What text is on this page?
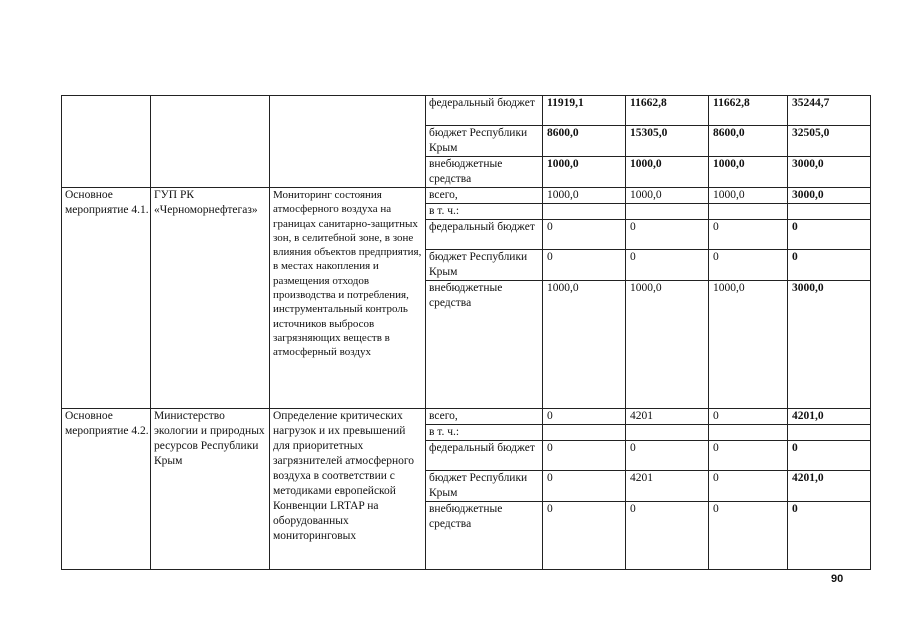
			федеральный бюджет	11919,1	11662,8	11662,8	35244,7
			бюджет Республики Крым	8600,0	15305,0	8600,0	32505,0
			внебюджетные средства	1000,0	1000,0	1000,0	3000,0
Основное мероприятие 4.1.	ГУП РК «Черноморнефтегаз»	Мониторинг состояния атмосферного воздуха на границах санитарно-защитных зон, в селитебной зоне, в зоне влияния объектов предприятия, в местах накопления и размещения отходов производства и потребления, инструментальный контроль источников выбросов загрязняющих веществ в атмосферный воздух	всего,	1000,0	1000,0	1000,0	3000,0
			в т. ч.:				
			федеральный бюджет	0	0	0	0
			бюджет Республики Крым	0	0	0	0
			внебюджетные средства	1000,0	1000,0	1000,0	3000,0
Основное мероприятие 4.2.	Министерство экологии и природных ресурсов Республики Крым	Определение критических нагрузок и их превышений для приоритетных загрязнителей атмосферного воздуха в соответствии с методиками европейской Конвенции LRTAP на оборудованных мониторинговых	всего,	0	4201	0	4201,0
			в т. ч.:				
			федеральный бюджет	0	0	0	0
			бюджет Республики Крым	0	4201	0	4201,0
			внебюджетные средства	0	0	0	0
90
